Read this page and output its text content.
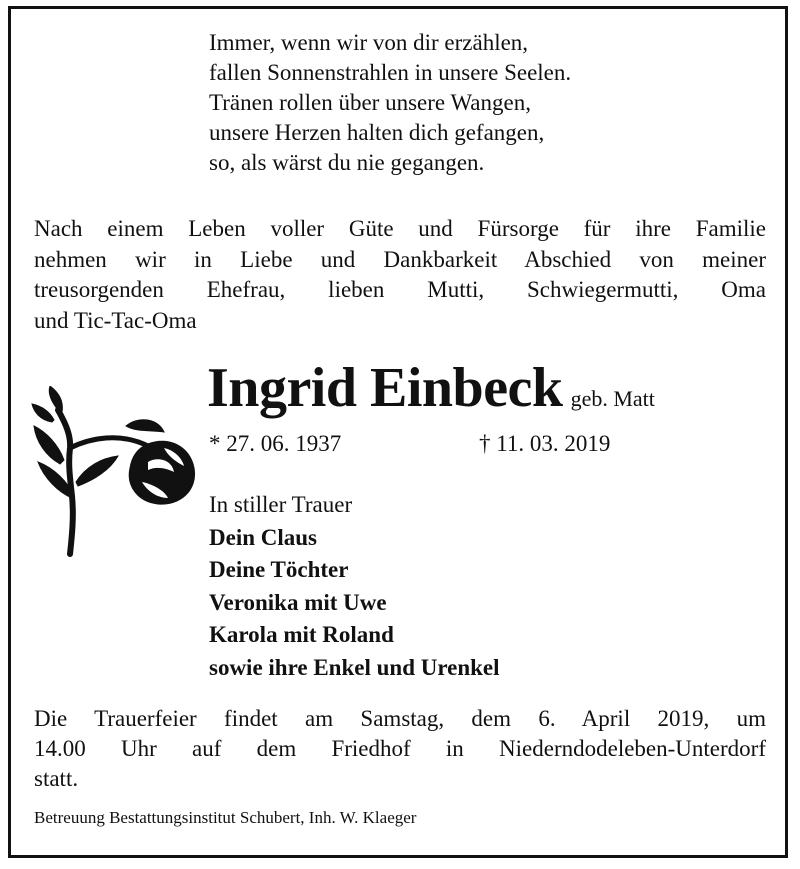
Immer, wenn wir von dir erzählen,
fallen Sonnenstrahlen in unsere Seelen.
Tränen rollen über unsere Wangen,
unsere Herzen halten dich gefangen,
so, als wärst du nie gegangen.
Nach einem Leben voller Güte und Fürsorge für ihre Familie
nehmen wir in Liebe und Dankbarkeit Abschied von meiner
treusorgenden Ehefrau, lieben Mutti, Schwiegermutti, Oma
und Tic-Tac-Oma
Ingrid Einbeck geb. Matt
* 27. 06. 1937	† 11. 03. 2019
In stiller Trauer
Dein Claus
Deine Töchter
Veronika mit Uwe
Karola mit Roland
sowie ihre Enkel und Urenkel
Die Trauerfeier findet am Samstag, dem 6. April 2019, um
14.00 Uhr auf dem Friedhof in Niederndodeleben-Unterdorf
statt.
Betreuung Bestattungsinstitut Schubert, Inh. W. Klaeger
